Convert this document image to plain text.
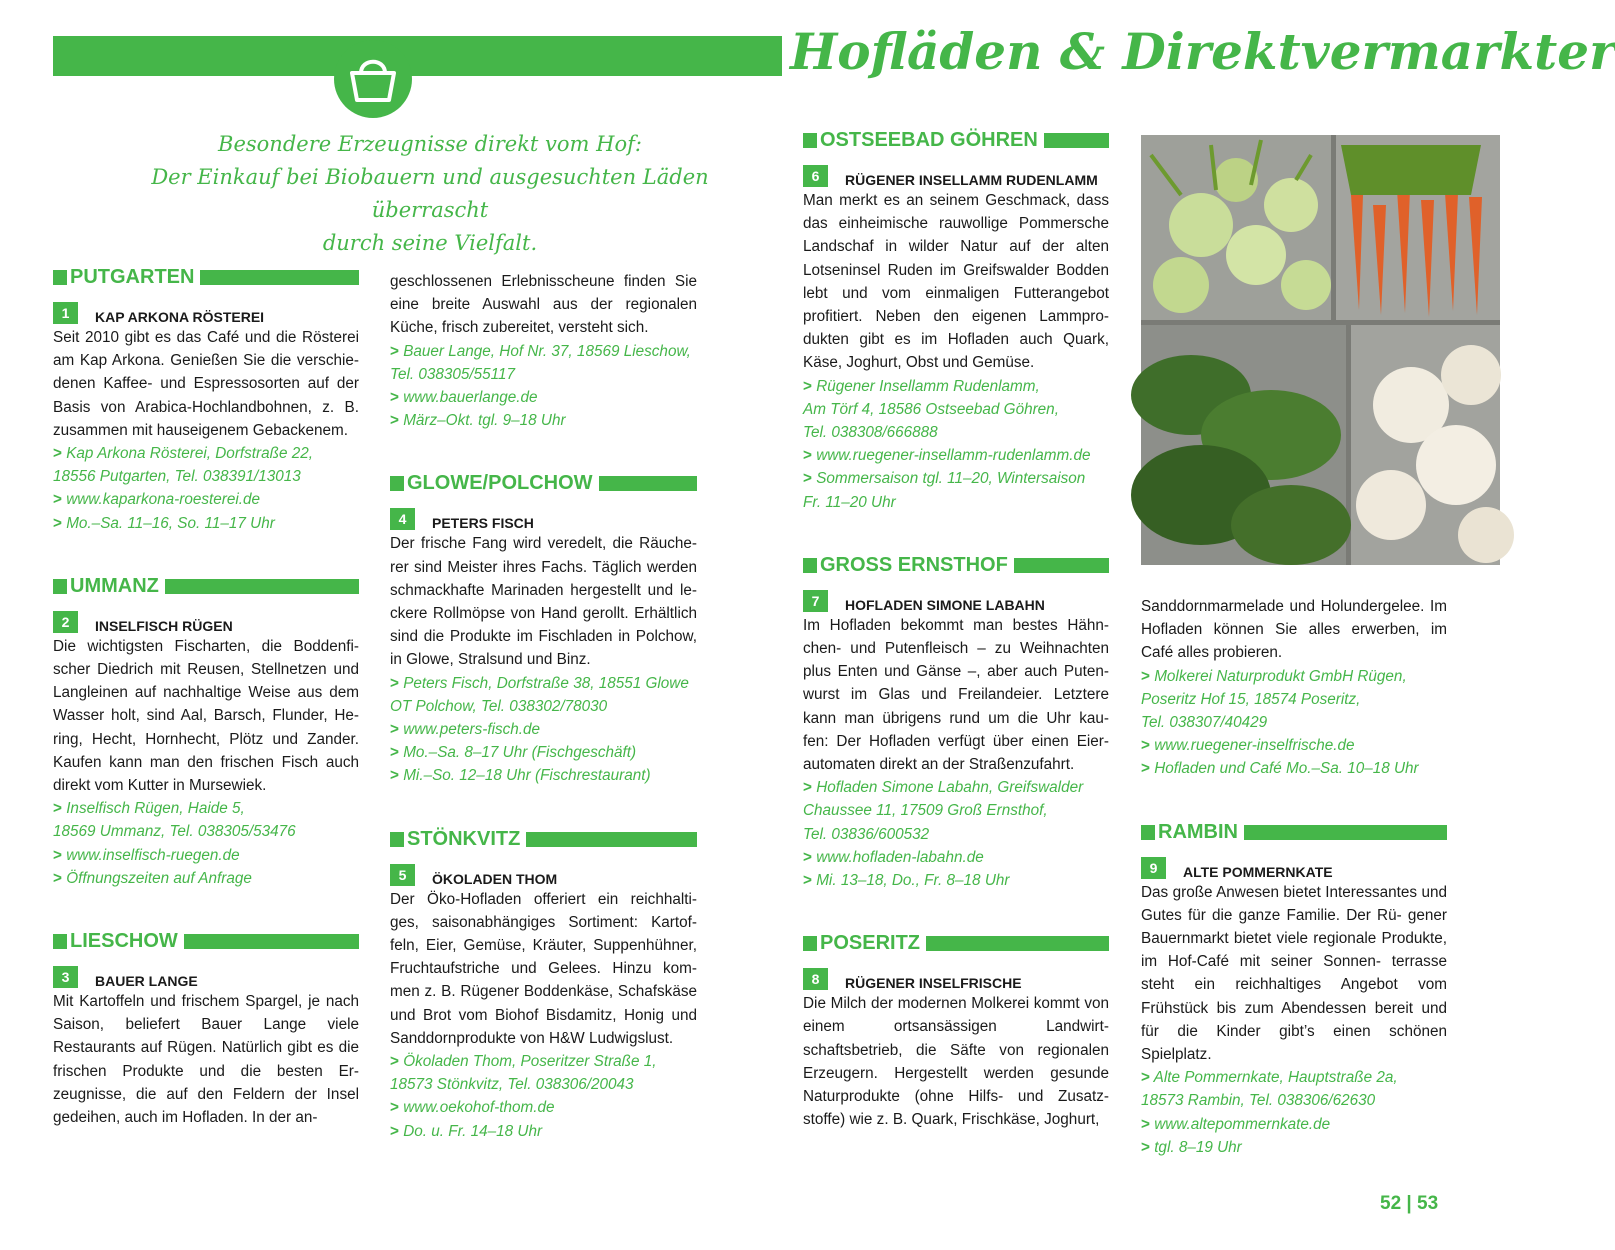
Hofläden & Direktvermarkter
Besondere Erzeugnisse direkt vom Hof:
Der Einkauf bei Biobauern und ausgesuchten Läden überrascht
durch seine Vielfalt.
PUTGARTEN
1	KAP ARKONA RÖSTEREI

Seit 2010 gibt es das Café und die Rösterei am Kap Arkona. Genießen Sie die verschie- denen Kaffee- und Espressosorten auf der Basis von Arabica-Hochlandbohnen, z. B. zusammen mit hauseigenem Gebackenem.

> Kap Arkona Rösterei, Dorfstraße 22,
18556 Putgarten, Tel. 038391/13013
> www.kaparkona-roesterei.de
> Mo.–Sa. 11–16, So. 11–17 Uhr
UMMANZ
2	INSELFISCH RÜGEN

Die wichtigsten Fischarten, die Boddenfi- scher Diedrich mit Reusen, Stellnetzen und Langleinen auf nachhaltige Weise aus dem Wasser holt, sind Aal, Barsch, Flunder, He- ring, Hecht, Hornhecht, Plötz und Zander. Kaufen kann man den frischen Fisch auch direkt vom Kutter in Mursewiek.

> Inselfisch Rügen, Haide 5,
18569 Ummanz, Tel. 038305/53476
> www.inselfisch-ruegen.de
> Öffnungszeiten auf Anfrage
LIESCHOW
3	BAUER LANGE

Mit Kartoffeln und frischem Spargel, je nach Saison, beliefert Bauer Lange viele Restaurants auf Rügen. Natürlich gibt es die frischen Produkte und die besten Er- zeugnisse, die auf den Feldern der Insel gedeihen, auch im Hofladen. In der an-

geschlossenen Erlebnisscheune finden Sie eine breite Auswahl aus der regionalen Küche, frisch zubereitet, versteht sich.

> Bauer Lange, Hof Nr. 37, 18569 Lieschow,
Tel. 038305/55117
> www.bauerlange.de
> März–Okt. tgl. 9–18 Uhr
GLOWE/POLCHOW
4	PETERS FISCH

Der frische Fang wird veredelt, die Räuche- rer sind Meister ihres Fachs. Täglich werden schmackhafte Marinaden hergestellt und le- ckere Rollmöpse von Hand gerollt. Erhältlich sind die Produkte im Fischladen in Polchow, in Glowe, Stralsund und Binz.

> Peters Fisch, Dorfstraße 38, 18551 Glowe
OT Polchow, Tel. 038302/78030
> www.peters-fisch.de
> Mo.–Sa. 8–17 Uhr (Fischgeschäft)
> Mi.–So. 12–18 Uhr (Fischrestaurant)
STÖNKVITZ
5	ÖKOLADEN THOM

Der Öko-Hofladen offeriert ein reichhalti- ges, saisonabhängiges Sortiment: Kartof- feln, Eier, Gemüse, Kräuter, Suppenhühner, Fruchtaufstriche und Gelees. Hinzu kom- men z. B. Rügener Boddenkäse, Schafskäse und Brot vom Biohof Bisdamitz, Honig und Sanddornprodukte von H&W Ludwigslust.

> Ökoladen Thom, Poseritzer Straße 1,
18573 Stönkvitz, Tel. 038306/20043
> www.oekohof-thom.de
> Do. u. Fr. 14–18 Uhr
OSTSEEBAD GÖHREN
6	RÜGENER INSELLAMM RUDENLAMM

Man merkt es an seinem Geschmack, dass das einheimische rauwollige Pommersche Landschaf in wilder Natur auf der alten Lotseninsel Ruden im Greifswalder Bodden lebt und vom einmaligen Futterangebot profitiert. Neben den eigenen Lammpro- dukten gibt es im Hofladen auch Quark, Käse, Joghurt, Obst und Gemüse.

> Rügener Insellamm Rudenlamm,
Am Törf 4, 18586 Ostseebad Göhren,
Tel. 038308/666888
> www.ruegener-insellamm-rudenlamm.de
> Sommersaison tgl. 11–20, Wintersaison
Fr. 11–20 Uhr
GROSS ERNSTHOF
7	HOFLADEN SIMONE LABAHN

Im Hofladen bekommt man bestes Hähn- chen- und Putenfleisch – zu Weihnachten plus Enten und Gänse –, aber auch Puten- wurst im Glas und Freilandeier. Letztere kann man übrigens rund um die Uhr kau- fen: Der Hofladen verfügt über einen Eier- automaten direkt an der Straßenzufahrt.

> Hofladen Simone Labahn, Greifswalder
Chaussee 11, 17509 Groß Ernsthof,
Tel. 03836/600532
> www.hofladen-labahn.de
> Mi. 13–18, Do., Fr. 8–18 Uhr
POSERITZ
8	RÜGENER INSELFRISCHE

Die Milch der modernen Molkerei kommt von einem ortsansässigen Landwirt- schaftsbetrieb, die Säfte von regionalen Erzeugern. Hergestellt werden gesunde Naturprodukte (ohne Hilfs- und Zusatz- stoffe) wie z. B. Quark, Frischkäse, Joghurt,

Sanddornmarmelade und Holundergelee. Im Hofladen können Sie alles erwerben, im Café alles probieren.

> Molkerei Naturprodukt GmbH Rügen,
Poseritz Hof 15, 18574 Poseritz,
Tel. 038307/40429
> www.ruegener-inselfrische.de
> Hofladen und Café Mo.–Sa. 10–18 Uhr
RAMBIN
9	ALTE POMMERNKATE

Das große Anwesen bietet Interessantes und Gutes für die ganze Familie. Der Rü- gener Bauernmarkt bietet viele regionale Produkte, im Hof-Café mit seiner Sonnen- terrasse steht ein reichhaltiges Angebot vom Frühstück bis zum Abendessen bereit und für die Kinder gibt’s einen schönen Spielplatz.

> Alte Pommernkate, Hauptstraße 2a,
18573 Rambin, Tel. 038306/62630
> www.altepommernkate.de
> tgl. 8–19 Uhr
52 | 53
